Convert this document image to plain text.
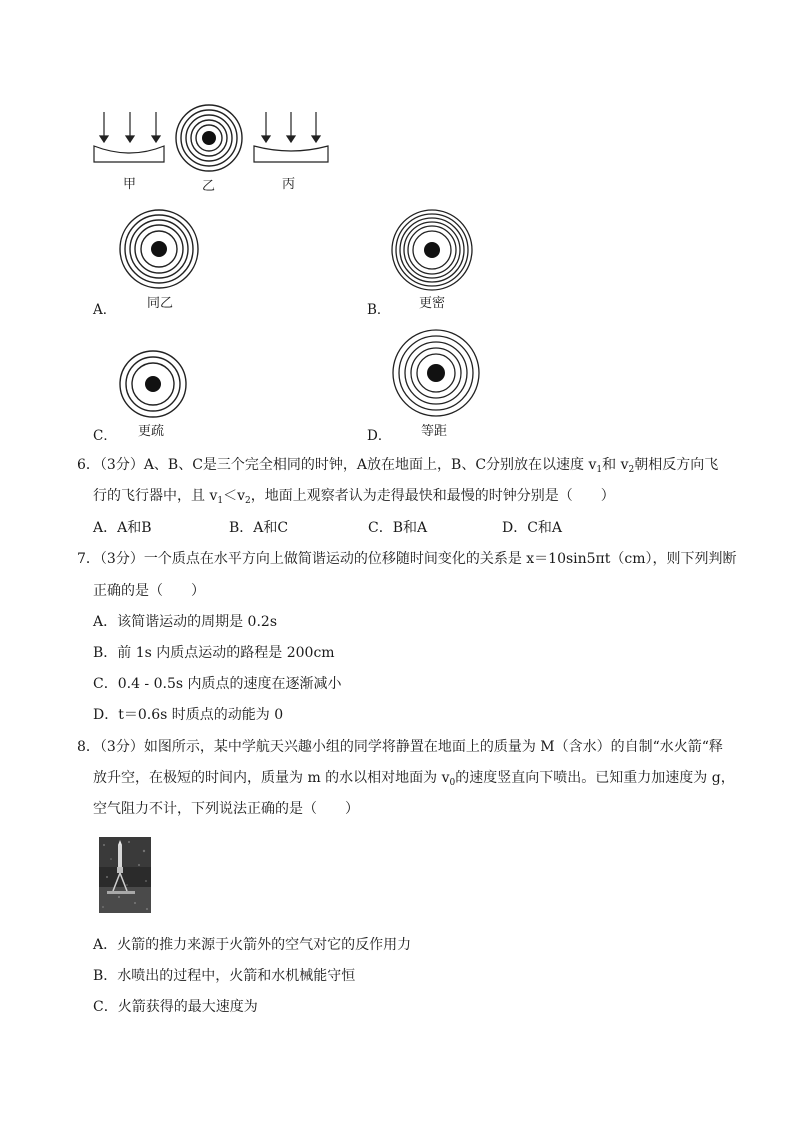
甲	乙	丙
A． 同乙	B． 更密
C． 更疏	D． 等距
6．（3分）A、B、C是三个完全相同的时钟，A放在地面上，B、C分别放在以速度 $v_1$和 $v_2$朝相反方向飞
行的飞行器中，且 $v_1<v_2$，地面上观察者认为走得最快和最慢的时钟分别是（　　）
A．A和B	B．A和C	C．B和A	D．C和A
7．（3分）一个质点在水平方向上做简谐运动的位移随时间变化的关系是 x＝10sin5πt（cm），则下列判断
正确的是（　　）
A．该简谐运动的周期是 0.2s
B．前 1s 内质点运动的路程是 200cm
C．0.4 - 0.5s 内质点的速度在逐渐减小
D．t＝0.6s 时质点的动能为 0
8．（3分）如图所示，某中学航天兴趣小组的同学将静置在地面上的质量为 M（含水）的自制“水火箭“释
放升空，在极短的时间内，质量为 m 的水以相对地面为 $v_0$的速度竖直向下喷出。已知重力加速度为 g，
空气阻力不计，下列说法正确的是（　　）
A．火箭的推力来源于火箭外的空气对它的反作用力
B．水喷出的过程中，火箭和水机械能守恒
C．火箭获得的最大速度为
